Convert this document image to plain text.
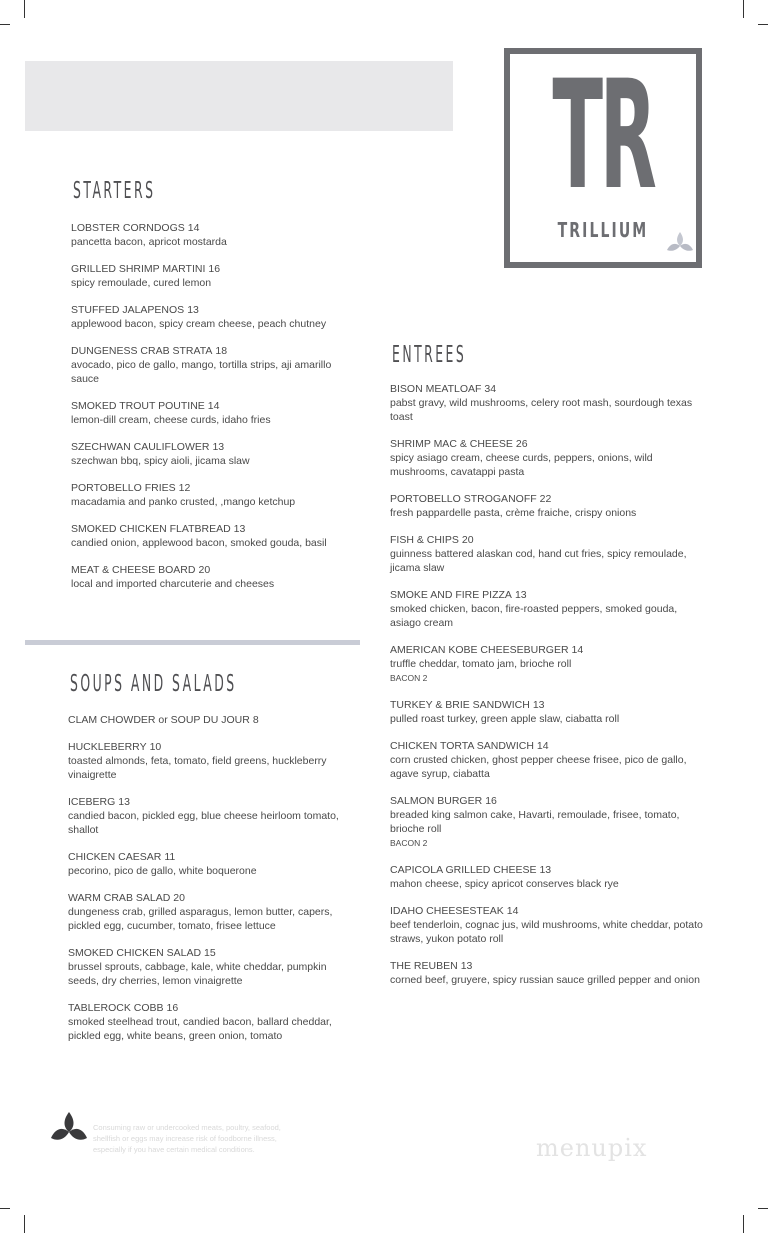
TR
TRILLIUM
STARTERS
LOBSTER CORNDOGS 14
pancetta bacon, apricot mostarda
GRILLED SHRIMP MARTINI 16
spicy remoulade, cured lemon
STUFFED JALAPENOS 13
applewood bacon, spicy cream cheese, peach chutney
DUNGENESS CRAB STRATA 18
avocado, pico de gallo, mango, tortilla strips, aji amarillo sauce
SMOKED TROUT POUTINE 14
lemon-dill cream, cheese curds, idaho fries
SZECHWAN CAULIFLOWER 13
szechwan bbq, spicy aioli, jicama slaw
PORTOBELLO FRIES 12
macadamia and panko crusted, ,mango ketchup
SMOKED CHICKEN FLATBREAD 13
candied onion, applewood bacon, smoked gouda, basil
MEAT & CHEESE BOARD 20
local and imported charcuterie and cheeses
SOUPS AND SALADS
CLAM CHOWDER or SOUP DU JOUR 8
HUCKLEBERRY 10
toasted almonds, feta, tomato, field greens, huckleberry vinaigrette
ICEBERG 13
candied bacon, pickled egg, blue cheese heirloom tomato, shallot
CHICKEN CAESAR 11
pecorino, pico de gallo, white boquerone
WARM CRAB SALAD 20
dungeness crab, grilled asparagus, lemon butter, capers, pickled egg, cucumber, tomato, frisee lettuce
SMOKED CHICKEN SALAD 15
brussel sprouts, cabbage, kale, white cheddar, pumpkin seeds, dry cherries, lemon vinaigrette
TABLEROCK COBB 16
smoked steelhead trout, candied bacon, ballard cheddar, pickled egg, white beans, green onion, tomato
ENTREES
BISON MEATLOAF 34
pabst gravy, wild mushrooms, celery root mash, sourdough texas toast
SHRIMP MAC & CHEESE 26
spicy asiago cream, cheese curds, peppers, onions, wild mushrooms, cavatappi pasta
PORTOBELLO STROGANOFF 22
fresh pappardelle pasta, crème fraiche, crispy onions
FISH & CHIPS 20
guinness battered alaskan cod, hand cut fries, spicy remoulade, jicama slaw
SMOKE AND FIRE PIZZA 13
smoked chicken, bacon, fire-roasted peppers, smoked gouda, asiago cream
AMERICAN KOBE CHEESEBURGER 14
truffle cheddar, tomato jam, brioche roll
BACON 2
TURKEY & BRIE SANDWICH 13
pulled roast turkey, green apple slaw, ciabatta roll
CHICKEN TORTA SANDWICH 14
corn crusted chicken, ghost pepper cheese frisee, pico de gallo, agave syrup, ciabatta
SALMON BURGER 16
breaded king salmon cake, Havarti, remoulade, frisee, tomato, brioche roll
BACON 2
CAPICOLA GRILLED CHEESE 13
mahon cheese, spicy apricot conserves black rye
IDAHO CHEESESTEAK 14
beef tenderloin, cognac jus, wild mushrooms, white cheddar, potato straws, yukon potato roll
THE REUBEN 13
corned beef, gruyere, spicy russian sauce grilled pepper and onion
Consuming raw or undercooked meats, poultry, seafood, shellfish or eggs may increase risk of foodborne illness, especially if you have certain medical conditions.	menupix
